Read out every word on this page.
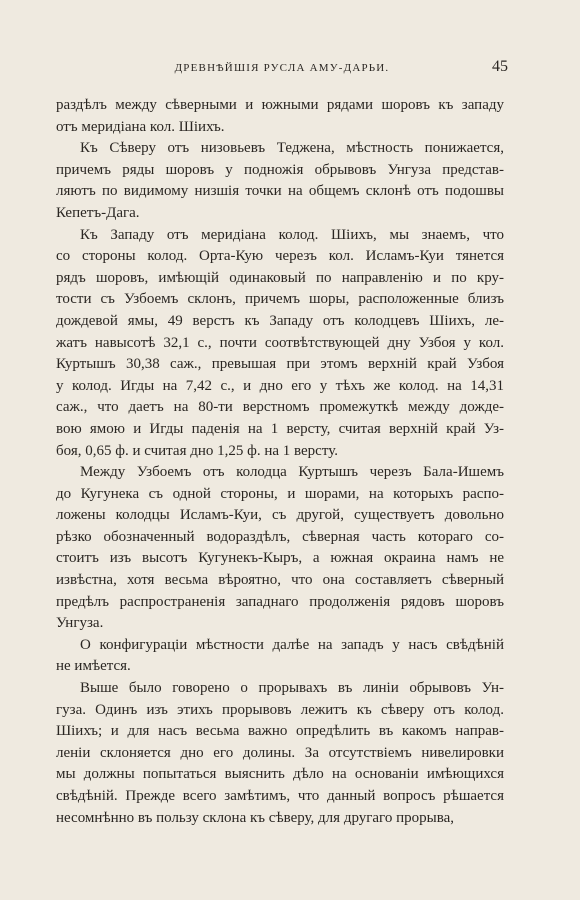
ДРЕВНѢЙШІЯ РУСЛА АМУ-ДАРЬИ.	45
раздѣлъ между сѣверными и южными рядами шоровъ къ западу
отъ меридіана кол. Шіихъ.
Къ Сѣверу отъ низовьевъ Теджена, мѣстность понижается,
причемъ ряды шоровъ у подножія обрывовъ Унгуза представ-
ляютъ по видимому низшія точки на общемъ склонѣ отъ подошвы
Кепетъ-Дага.
Къ Западу отъ меридіана колод. Шіихъ, мы знаемъ, что
со стороны колод. Орта-Кую черезъ кол. Исламъ-Куи тянется
рядъ шоровъ, имѣющій одинаковый по направленію и по кру-
тости съ Узбоемъ склонъ, причемъ шоры, расположенные близъ
дождевой ямы, 49 верстъ къ Западу отъ колодцевъ Шіихъ, ле-
жатъ навысотѣ 32,1 с., почти соотвѣтствующей дну Узбоя у кол.
Куртышъ 30,38 саж., превышая при этомъ верхній край Узбоя
у колод. Игды на 7,42 с., и дно его у тѣхъ же колод. на 14,31
саж., что даетъ на 80-ти верстномъ промежуткѣ между дожде-
вою ямою и Игды паденія на 1 версту, считая верхній край Уз-
боя, 0,65 ф. и считая дно 1,25 ф. на 1 версту.
Между Узбоемъ отъ колодца Куртышъ черезъ Бала-Ишемъ
до Кугунека съ одной стороны, и шорами, на которыхъ распо-
ложены колодцы Исламъ-Куи, съ другой, существуетъ довольно
рѣзко обозначенный водораздѣлъ, сѣверная часть котораго со-
стоитъ изъ высотъ Кугунекъ-Кыръ, а южная окраина намъ не
извѣстна, хотя весьма вѣроятно, что она составляетъ сѣверный
предѣлъ распространенія западнаго продолженія рядовъ шоровъ
Унгуза.
О конфигураціи мѣстности далѣе на западъ у насъ свѣдѣній
не имѣется.
Выше было говорено о прорывахъ въ линіи обрывовъ Ун-
гуза. Одинъ изъ этихъ прорывовъ лежитъ къ сѣверу отъ колод.
Шіихъ; и для насъ весьма важно опредѣлить въ какомъ направ-
леніи склоняется дно его долины. За отсутствіемъ нивелировки
мы должны попытаться выяснить дѣло на основаніи имѣющихся
свѣдѣній. Прежде всего замѣтимъ, что данный вопросъ рѣшается
несомнѣнно въ пользу склона къ сѣверу, для другаго прорыва,
